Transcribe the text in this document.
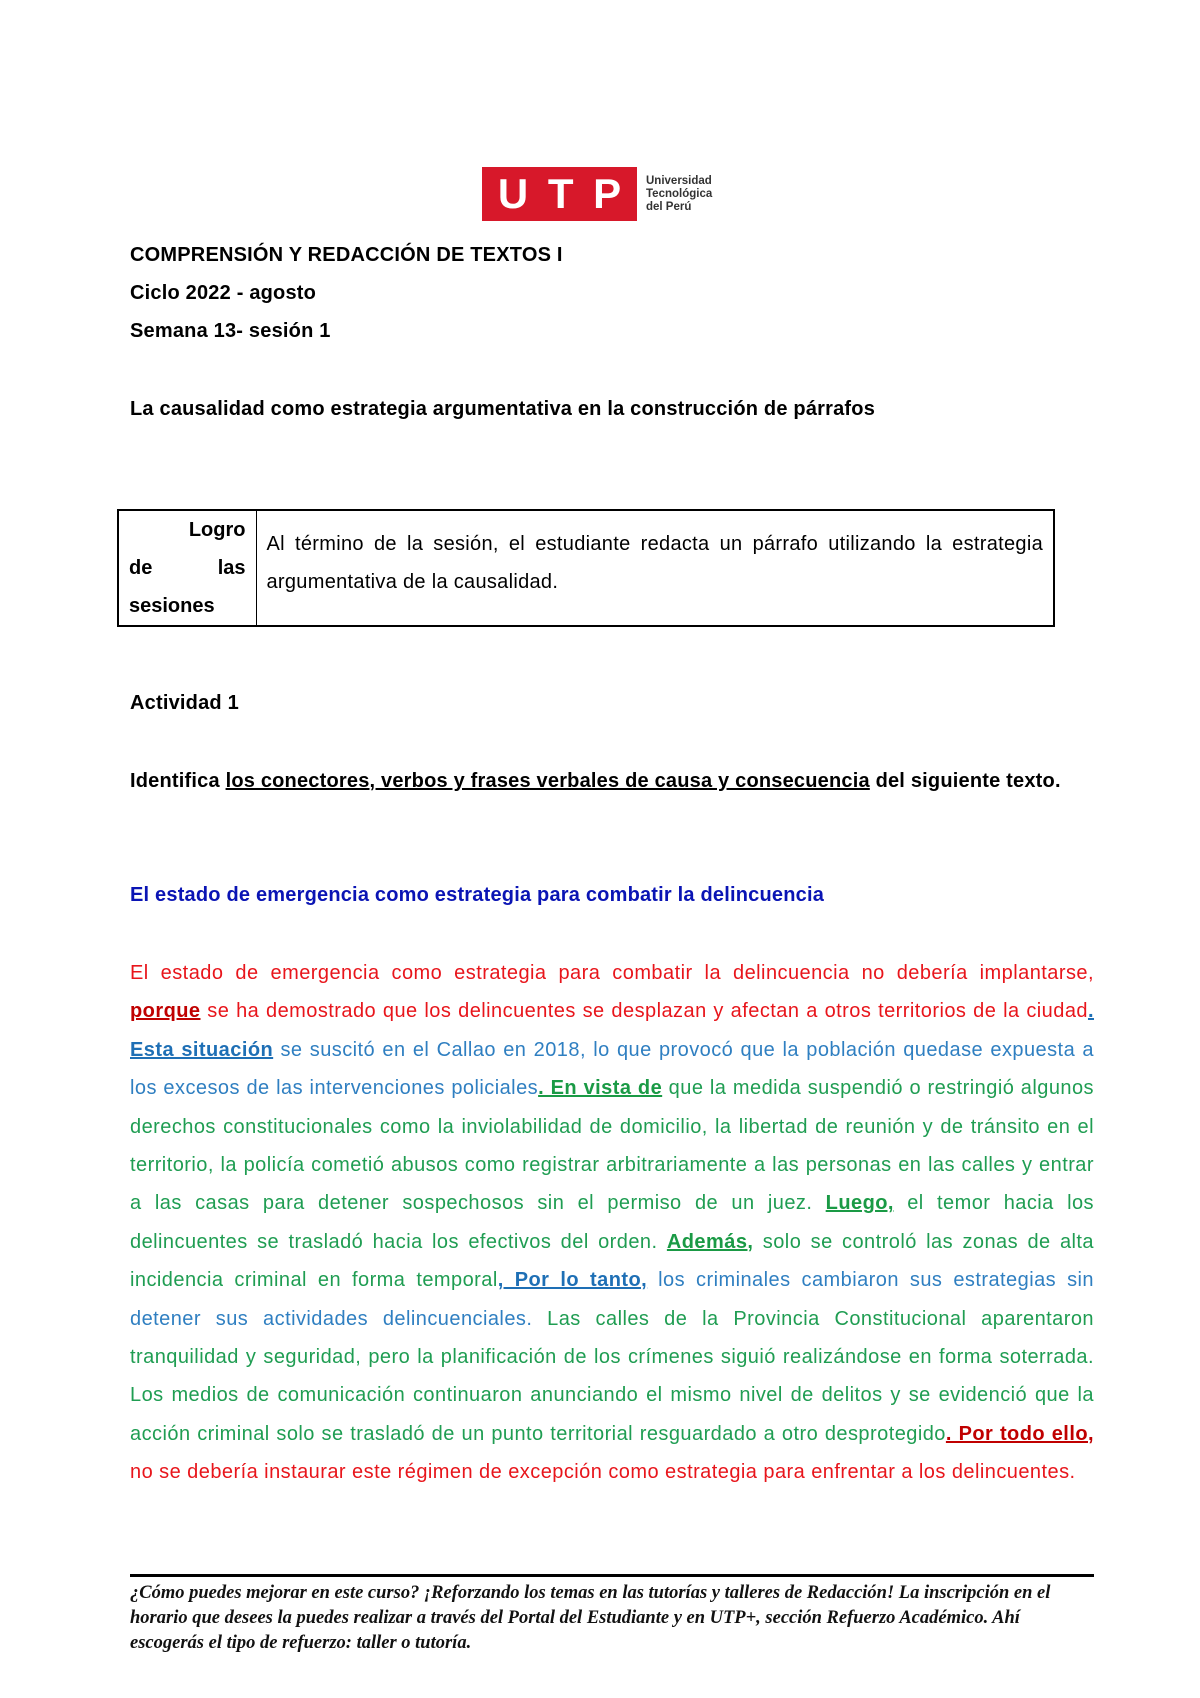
U T P Universidad
Tecnológica
del Perú
COMPRENSIÓN Y REDACCIÓN DE TEXTOS I
Ciclo 2022 - agosto
Semana 13- sesión 1
La causalidad como estrategia argumentativa en la construcción de párrafos
Logro
de	las
sesiones
	Al término de la sesión, el estudiante redacta un párrafo utilizando la estrategia argumentativa de la causalidad.
Actividad 1
Identifica los conectores, verbos y frases verbales de causa y consecuencia del siguiente texto.
El estado de emergencia como estrategia para combatir la delincuencia
El estado de emergencia como estrategia para combatir la delincuencia no debería implantarse, porque se ha demostrado que los delincuentes se desplazan y afectan a otros territorios de la ciudad. Esta situación se suscitó en el Callao en 2018, lo que provocó que la población quedase expuesta a los excesos de las intervenciones policiales. En vista de que la medida suspendió o restringió algunos derechos constitucionales como la inviolabilidad de domicilio, la libertad de reunión y de tránsito en el territorio, la policía cometió abusos como registrar arbitrariamente a las personas en las calles y entrar a las casas para detener sospechosos sin el permiso de un juez. Luego, el temor hacia los delincuentes se trasladó hacia los efectivos del orden. Además, solo se controló las zonas de alta incidencia criminal en forma temporal, Por lo tanto, los criminales cambiaron sus estrategias sin detener sus actividades delincuenciales. Las calles de la Provincia Constitucional aparentaron tranquilidad y seguridad, pero la planificación de los crímenes siguió realizándose en forma soterrada. Los medios de comunicación continuaron anunciando el mismo nivel de delitos y se evidenció que la acción criminal solo se trasladó de un punto territorial resguardado a otro desprotegido. Por todo ello, no se debería instaurar este régimen de excepción como estrategia para enfrentar a los delincuentes.
¿Cómo puedes mejorar en este curso? ¡Reforzando los temas en las tutorías y talleres de Redacción! La inscripción en el horario que desees la puedes realizar a través del Portal del Estudiante y en UTP+, sección Refuerzo Académico. Ahí escogerás el tipo de refuerzo: taller o tutoría.
